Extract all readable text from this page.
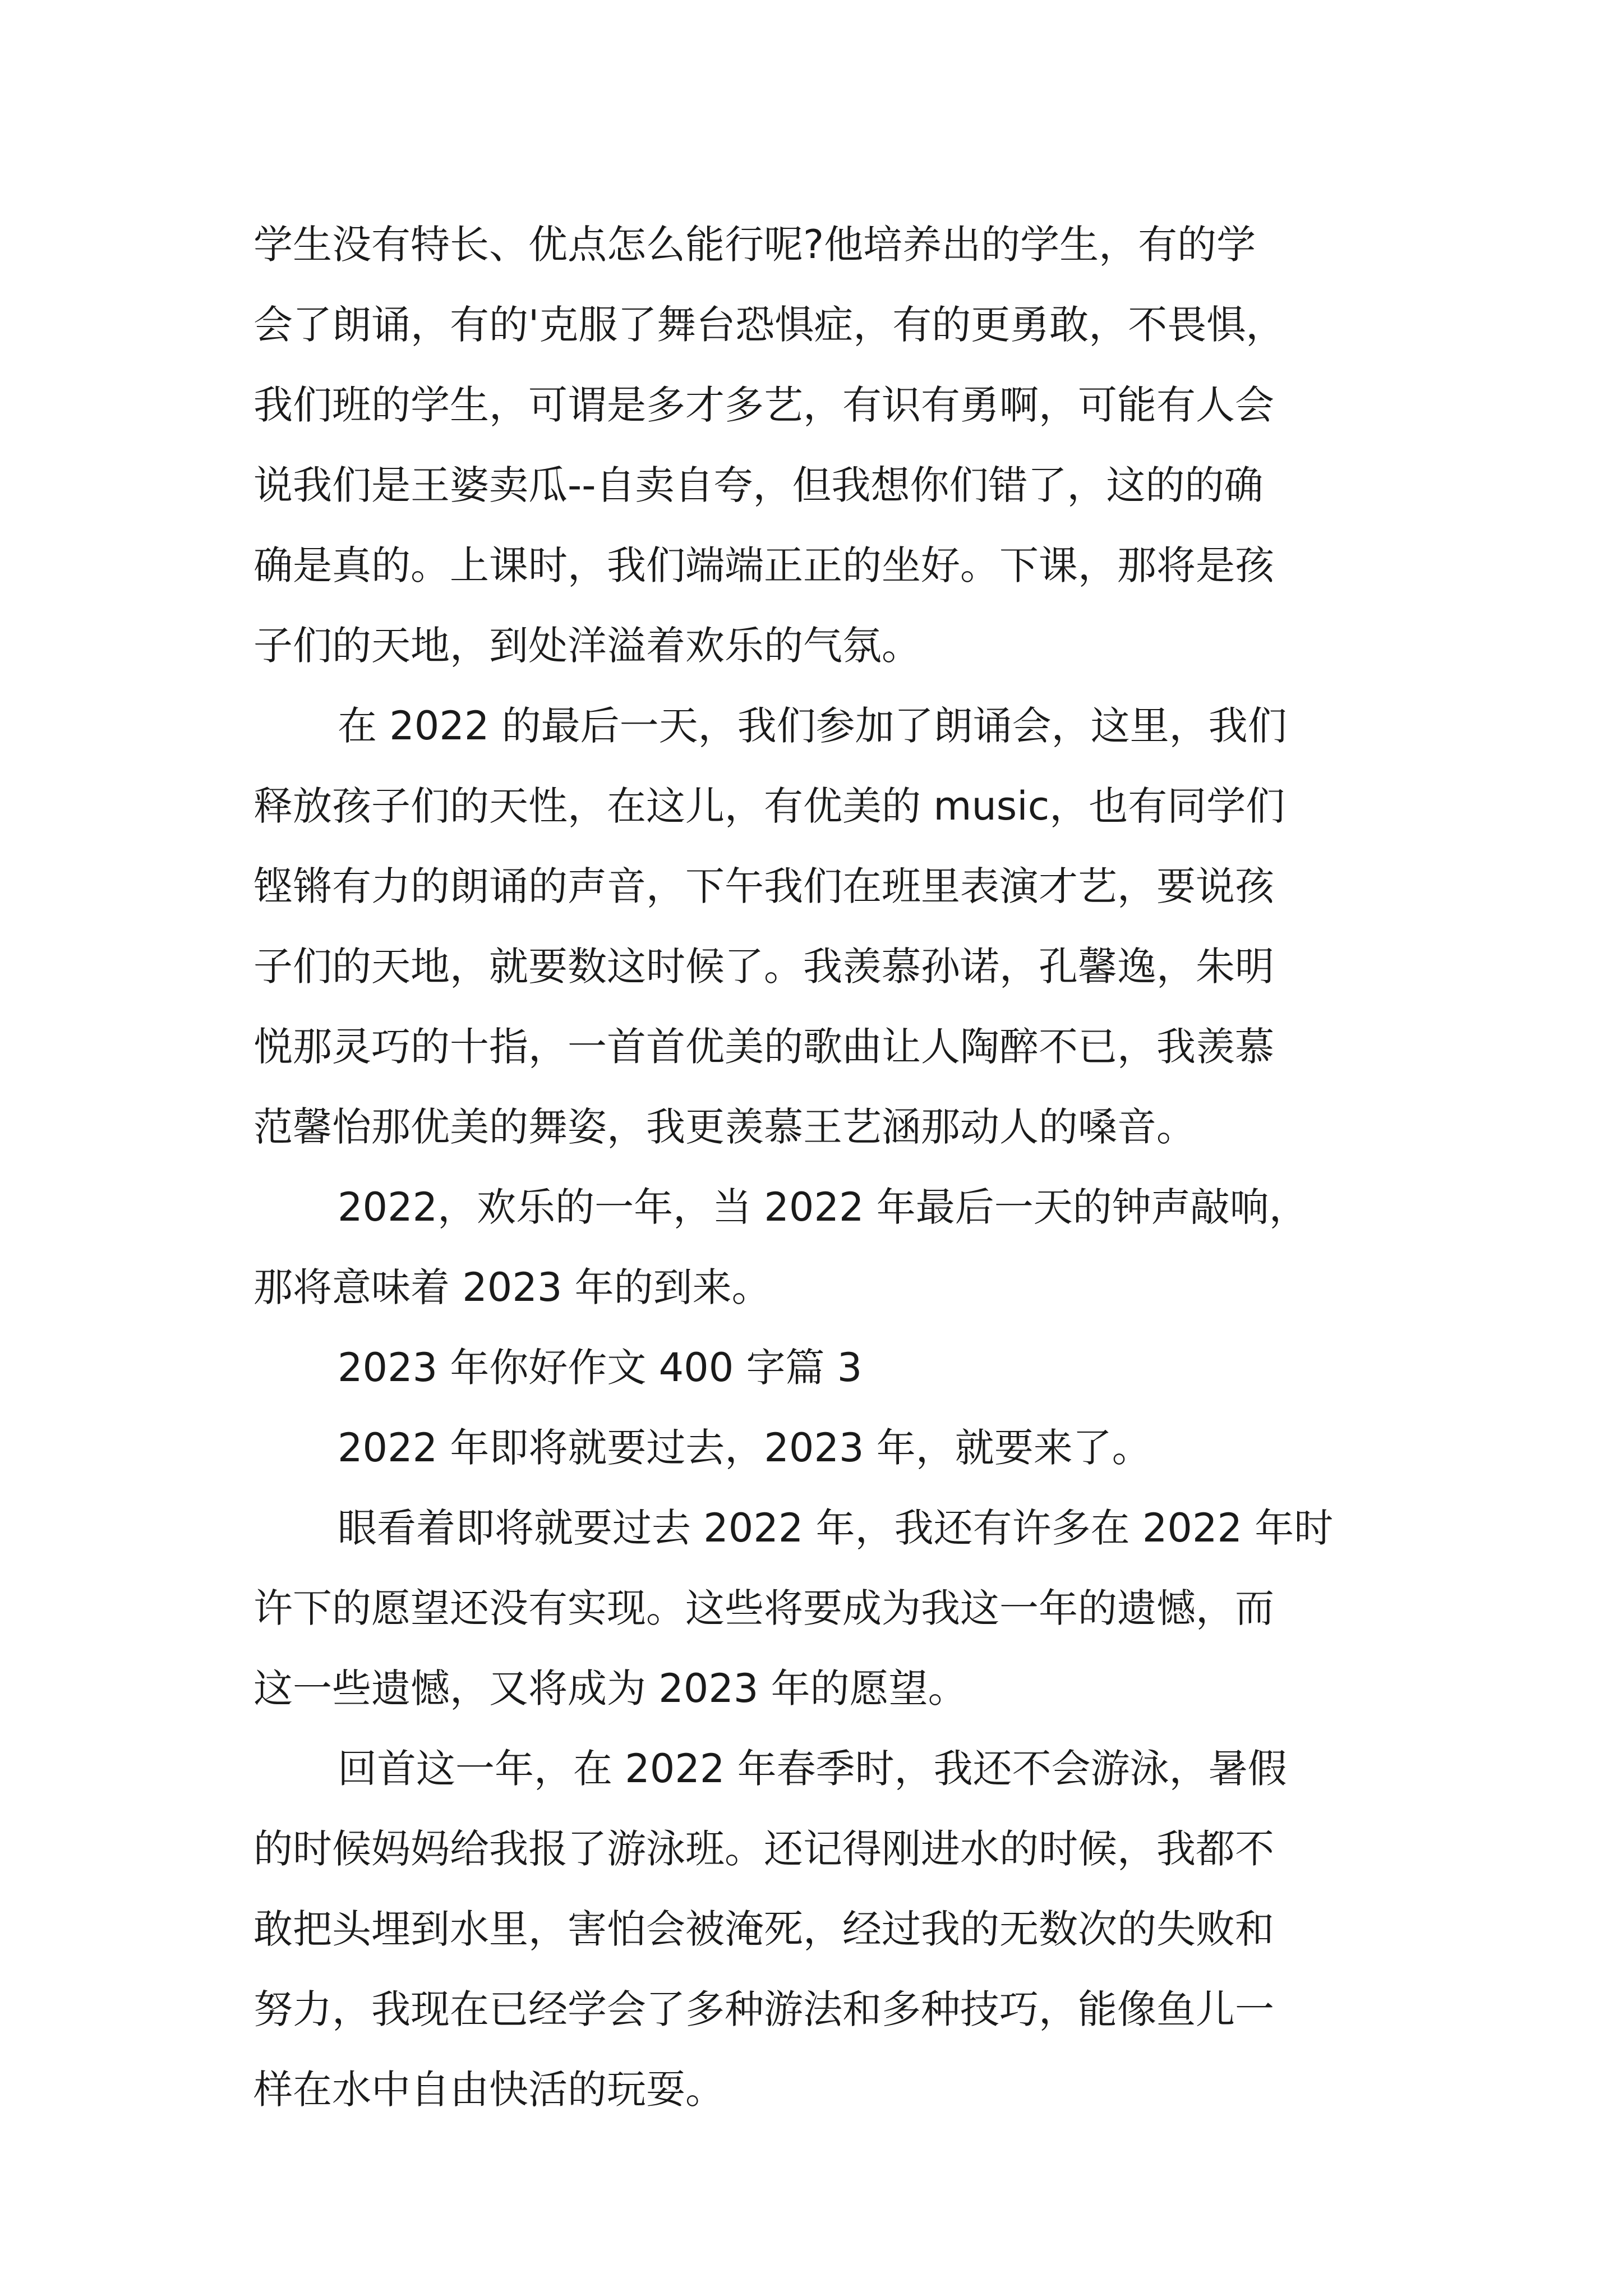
学生没有特长、优点怎么能行呢?他培养出的学生，有的学

会了朗诵，有的'克服了舞台恐惧症，有的更勇敢，不畏惧，

我们班的学生，可谓是多才多艺，有识有勇啊，可能有人会

说我们是王婆卖瓜--自卖自夸，但我想你们错了，这的的确

确是真的。上课时，我们端端正正的坐好。下课，那将是孩

子们的天地，到处洋溢着欢乐的气氛。

在 2022 的最后一天，我们参加了朗诵会，这里，我们

释放孩子们的天性，在这儿，有优美的 music，也有同学们

铿锵有力的朗诵的声音，下午我们在班里表演才艺，要说孩

子们的天地，就要数这时候了。我羡慕孙诺，孔馨逸，朱明

悦那灵巧的十指，一首首优美的歌曲让人陶醉不已，我羡慕

范馨怡那优美的舞姿，我更羡慕王艺涵那动人的嗓音。

2022，欢乐的一年，当 2022 年最后一天的钟声敲响，

那将意味着 2023 年的到来。

2023 年你好作文 400 字篇 3

2022 年即将就要过去，2023 年，就要来了。

眼看着即将就要过去 2022 年，我还有许多在 2022 年时

许下的愿望还没有实现。这些将要成为我这一年的遗憾，而

这一些遗憾，又将成为 2023 年的愿望。

回首这一年，在 2022 年春季时，我还不会游泳，暑假

的时候妈妈给我报了游泳班。还记得刚进水的时候，我都不

敢把头埋到水里，害怕会被淹死，经过我的无数次的失败和

努力，我现在已经学会了多种游法和多种技巧，能像鱼儿一

样在水中自由快活的玩耍。
